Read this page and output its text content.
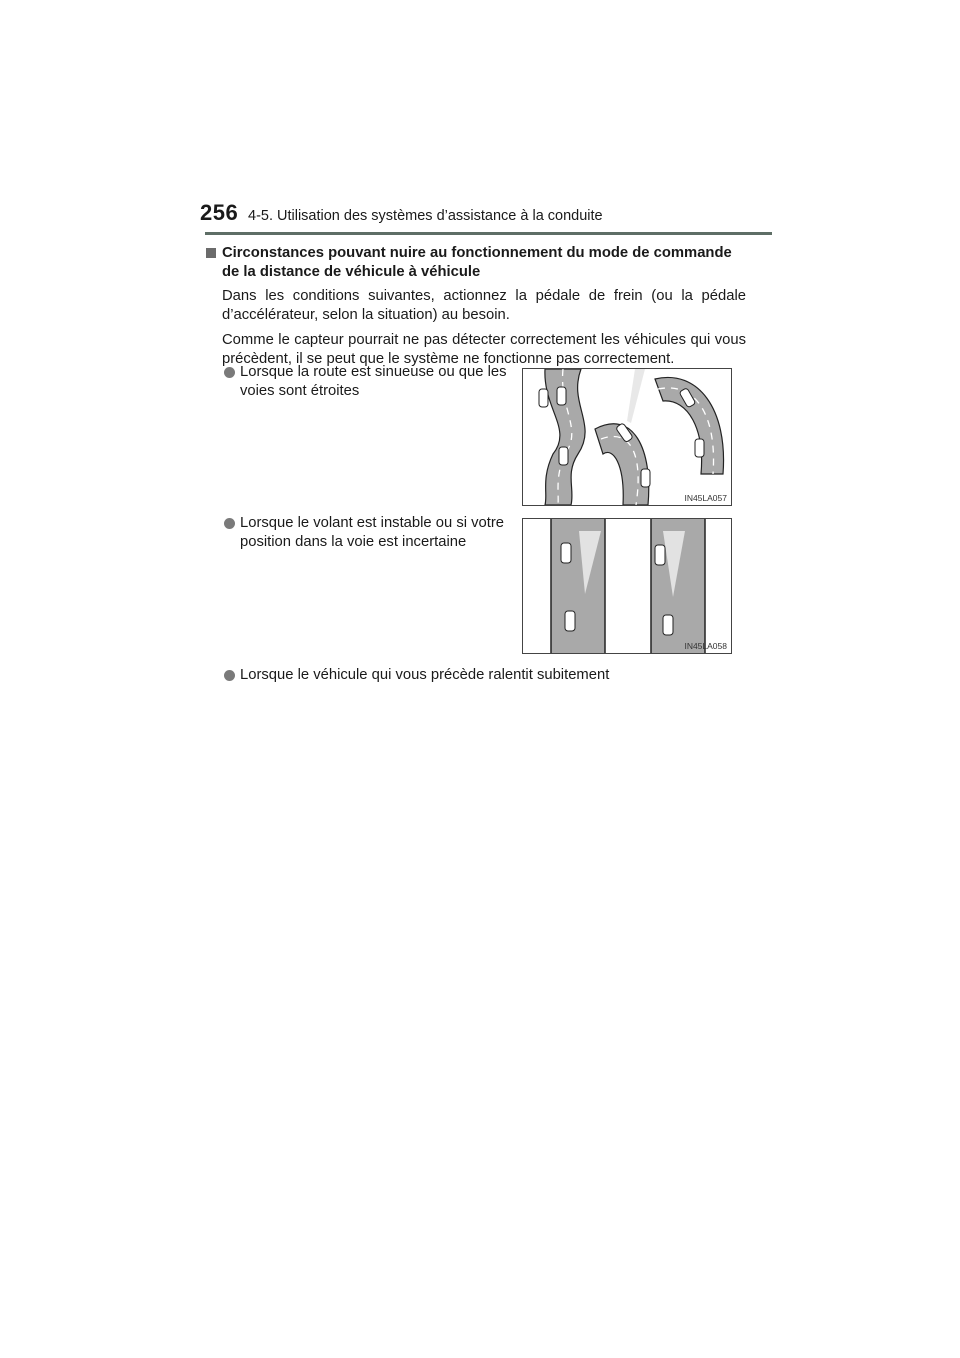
256 4-5. Utilisation des systèmes d’assistance à la conduite
Circonstances pouvant nuire au fonctionnement du mode de commande de la distance de véhicule à véhicule

Dans les conditions suivantes, actionnez la pédale de frein (ou la pédale d’accélérateur, selon la situation) au besoin.

Comme le capteur pourrait ne pas détecter correctement les véhicules qui vous précèdent, il se peut que le système ne fonctionne pas correctement.

Lorsque la route est sinueuse ou que les voies sont étroites
IN45LA057
Lorsque le volant est instable ou si votre position dans la voie est incertaine
IN45LA058
Lorsque le véhicule qui vous précède ralentit subitement
